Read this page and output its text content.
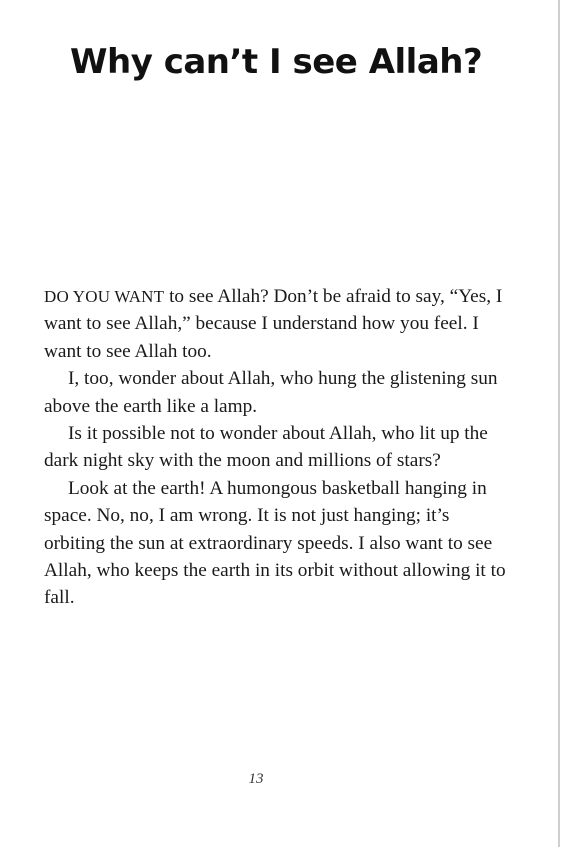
Why can’t I see Allah?

DO YOU WANT to see Allah? Don’t be afraid to say, “Yes, I want to see Allah,” because I understand how you feel. I want to see Allah too.

I, too, wonder about Allah, who hung the glistening sun above the earth like a lamp.

Is it possible not to wonder about Allah, who lit up the dark night sky with the moon and millions of stars?

Look at the earth! A humongous basketball hanging in space. No, no, I am wrong. It is not just hanging; it’s orbiting the sun at extraordinary speeds. I also want to see Allah, who keeps the earth in its orbit without allowing it to fall.

13
